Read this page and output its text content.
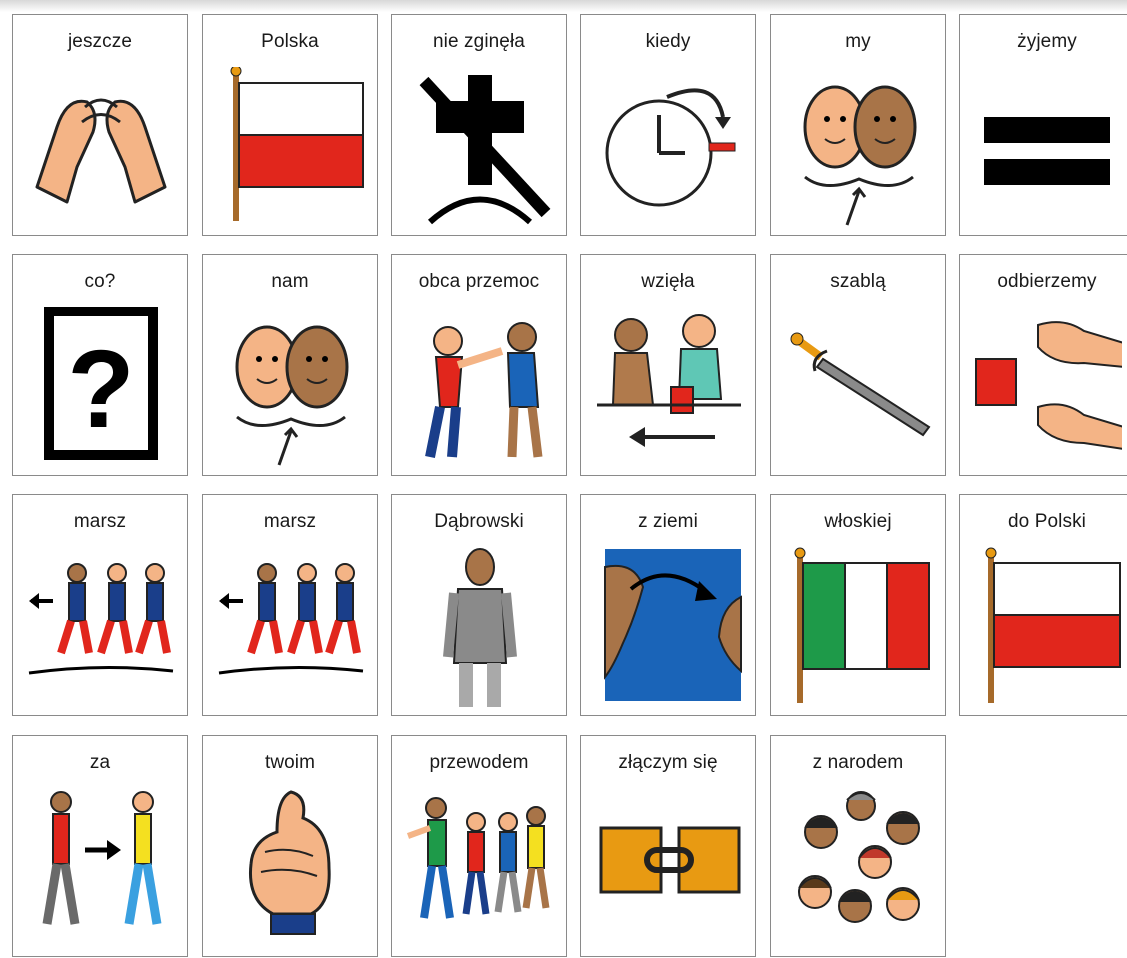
jeszcze	Polska	nie zginęła	kiedy	my	żyjemy
co?
?
nam	obca przemoc	wzięła	szablą	odbierzemy
marsz	marsz	Dąbrowski	z ziemi	włoskiej	do Polski
za	twoim	przewodem	złączym się	z narodem
